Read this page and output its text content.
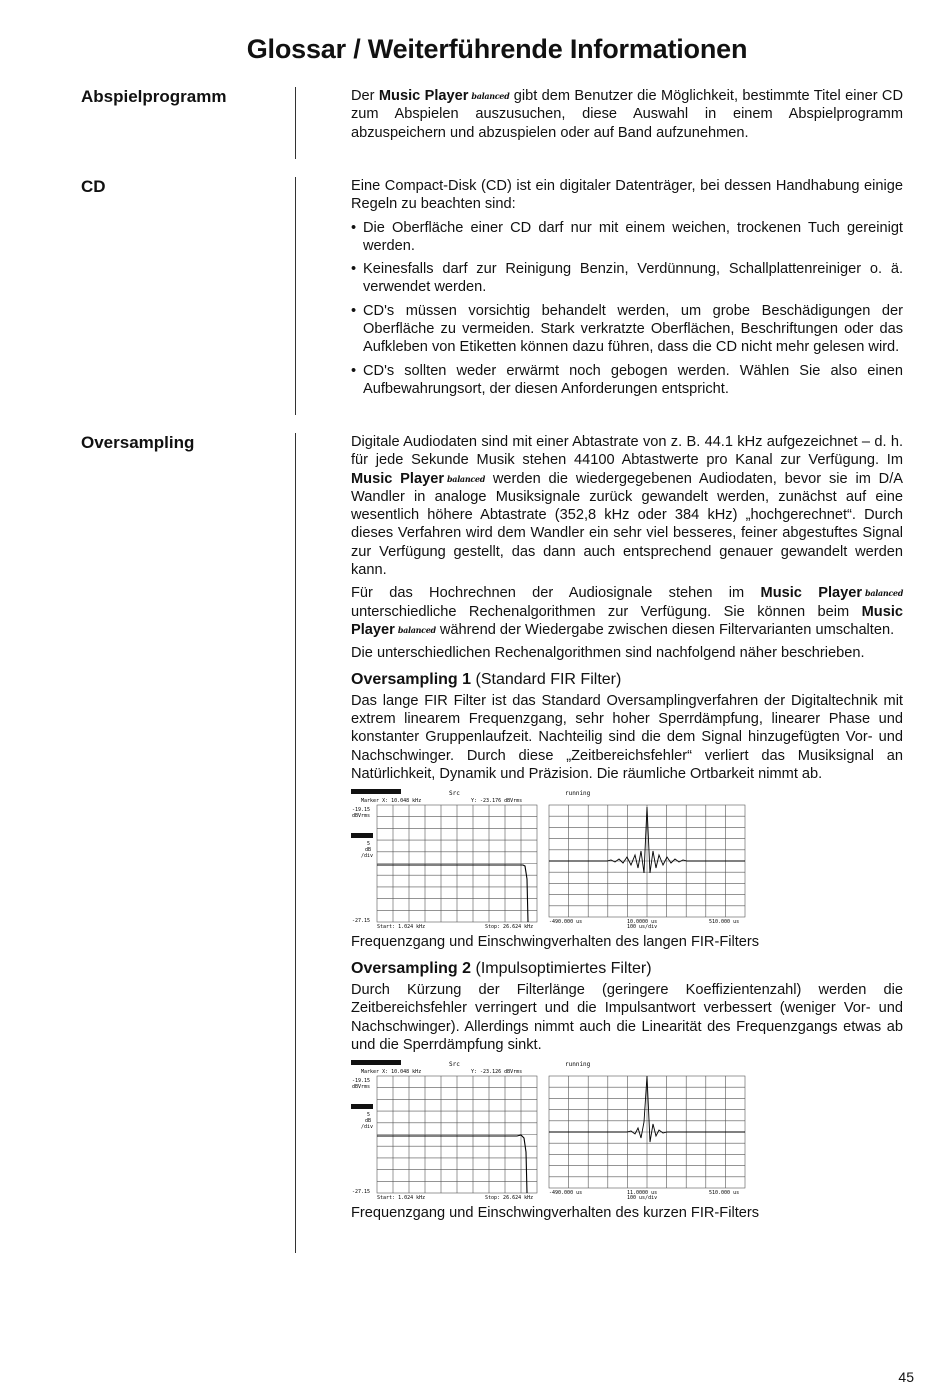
Glossar / Weiterführende Informationen
Abspielprogramm	Der Music Player balanced gibt dem Benutzer die Möglichkeit, bestimmte Titel einer CD zum Abspielen auszusuchen, diese Auswahl in einem Abspielprogramm abzuspeichern und abzuspielen oder auf Band aufzunehmen.

CD	Eine Compact-Disk (CD) ist ein digitaler Datenträger, bei dessen Handhabung einige Regeln zu beachten sind:

• Die Oberfläche einer CD darf nur mit einem weichen, trockenen Tuch gereinigt werden.
• Keinesfalls darf zur Reinigung Benzin, Verdünnung, Schallplattenreiniger o. ä. verwendet werden.
• CD's müssen vorsichtig behandelt werden, um grobe Beschädigungen der Oberfläche zu vermeiden. Stark verkratzte Oberflächen, Beschriftungen oder das Aufkleben von Etiketten können dazu führen, dass die CD nicht mehr gelesen wird.
• CD's sollten weder erwärmt noch gebogen werden. Wählen Sie also einen Aufbewahrungsort, der diesen Anforderungen entspricht.
Oversampling	Digitale Audiodaten sind mit einer Abtastrate von z. B. 44.1 kHz aufgezeichnet – d. h. für jede Sekunde Musik stehen 44100 Abtastwerte pro Kanal zur Verfügung. Im Music Player balanced werden die wiedergegebenen Audiodaten, bevor sie im D/A Wandler in analoge Musiksignale zurück gewandelt werden, zunächst auf eine wesentlich höhere Abtastrate (352,8 kHz oder 384 kHz) „hochgerechnet“. Durch dieses Verfahren wird dem Wandler ein sehr viel besseres, feiner abgestuftes Signal zur Verfügung gestellt, das dann auch entsprechend genauer gewandelt werden kann.

Für das Hochrechnen der Audiosignale stehen im Music Player balanced unterschiedliche Rechenalgorithmen zur Verfügung. Sie können beim Music Player balanced während der Wiedergabe zwischen diesen Filtervarianten umschalten.

Die unterschiedlichen Rechenalgorithmen sind nachfolgend näher beschrieben.

Oversampling 1 (Standard FIR Filter)

Das lange FIR Filter ist das Standard Oversamplingverfahren der Digitaltechnik mit extrem linearem Frequenzgang, sehr hoher Sperrdämpfung, linearer Phase und konstanter Gruppenlaufzeit. Nachteilig sind die dem Signal hinzugefügten Vor- und Nachschwinger. Durch diese „Zeitbereichsfehler“ verliert das Musiksignal an Natürlichkeit, Dynamik und Präzision. Die räumliche Ortbarkeit nimmt ab.

Src
Marker X: 10.048 kHz	Y: -23.176 dBVrms
-19.15
dBVrms
5
dB
/div
-27.15
Start: 1.024 kHz	Stop: 26.624 kHz
running
-490.000 us	10.0000 us
100 us/div
510.000 us

Frequenzgang und Einschwingverhalten des langen FIR-Filters

Oversampling 2 (Impulsoptimiertes Filter)

Durch Kürzung der Filterlänge (geringere Koeffizientenzahl) werden die Zeitbereichsfehler verringert und die Impulsantwort verbessert (weniger Vor- und Nachschwinger). Allerdings nimmt auch die Linearität des Frequenzgangs etwas ab und die Sperrdämpfung sinkt.

Src
Marker X: 10.048 kHz	Y: -23.126 dBVrms
-19.15
dBVrms
5
dB
/div
-27.15
Start: 1.024 kHz	Stop: 26.624 kHz
running
-490.000 us	11.0000 us
100 us/div
510.000 us

Frequenzgang und Einschwingverhalten des kurzen FIR-Filters

45
